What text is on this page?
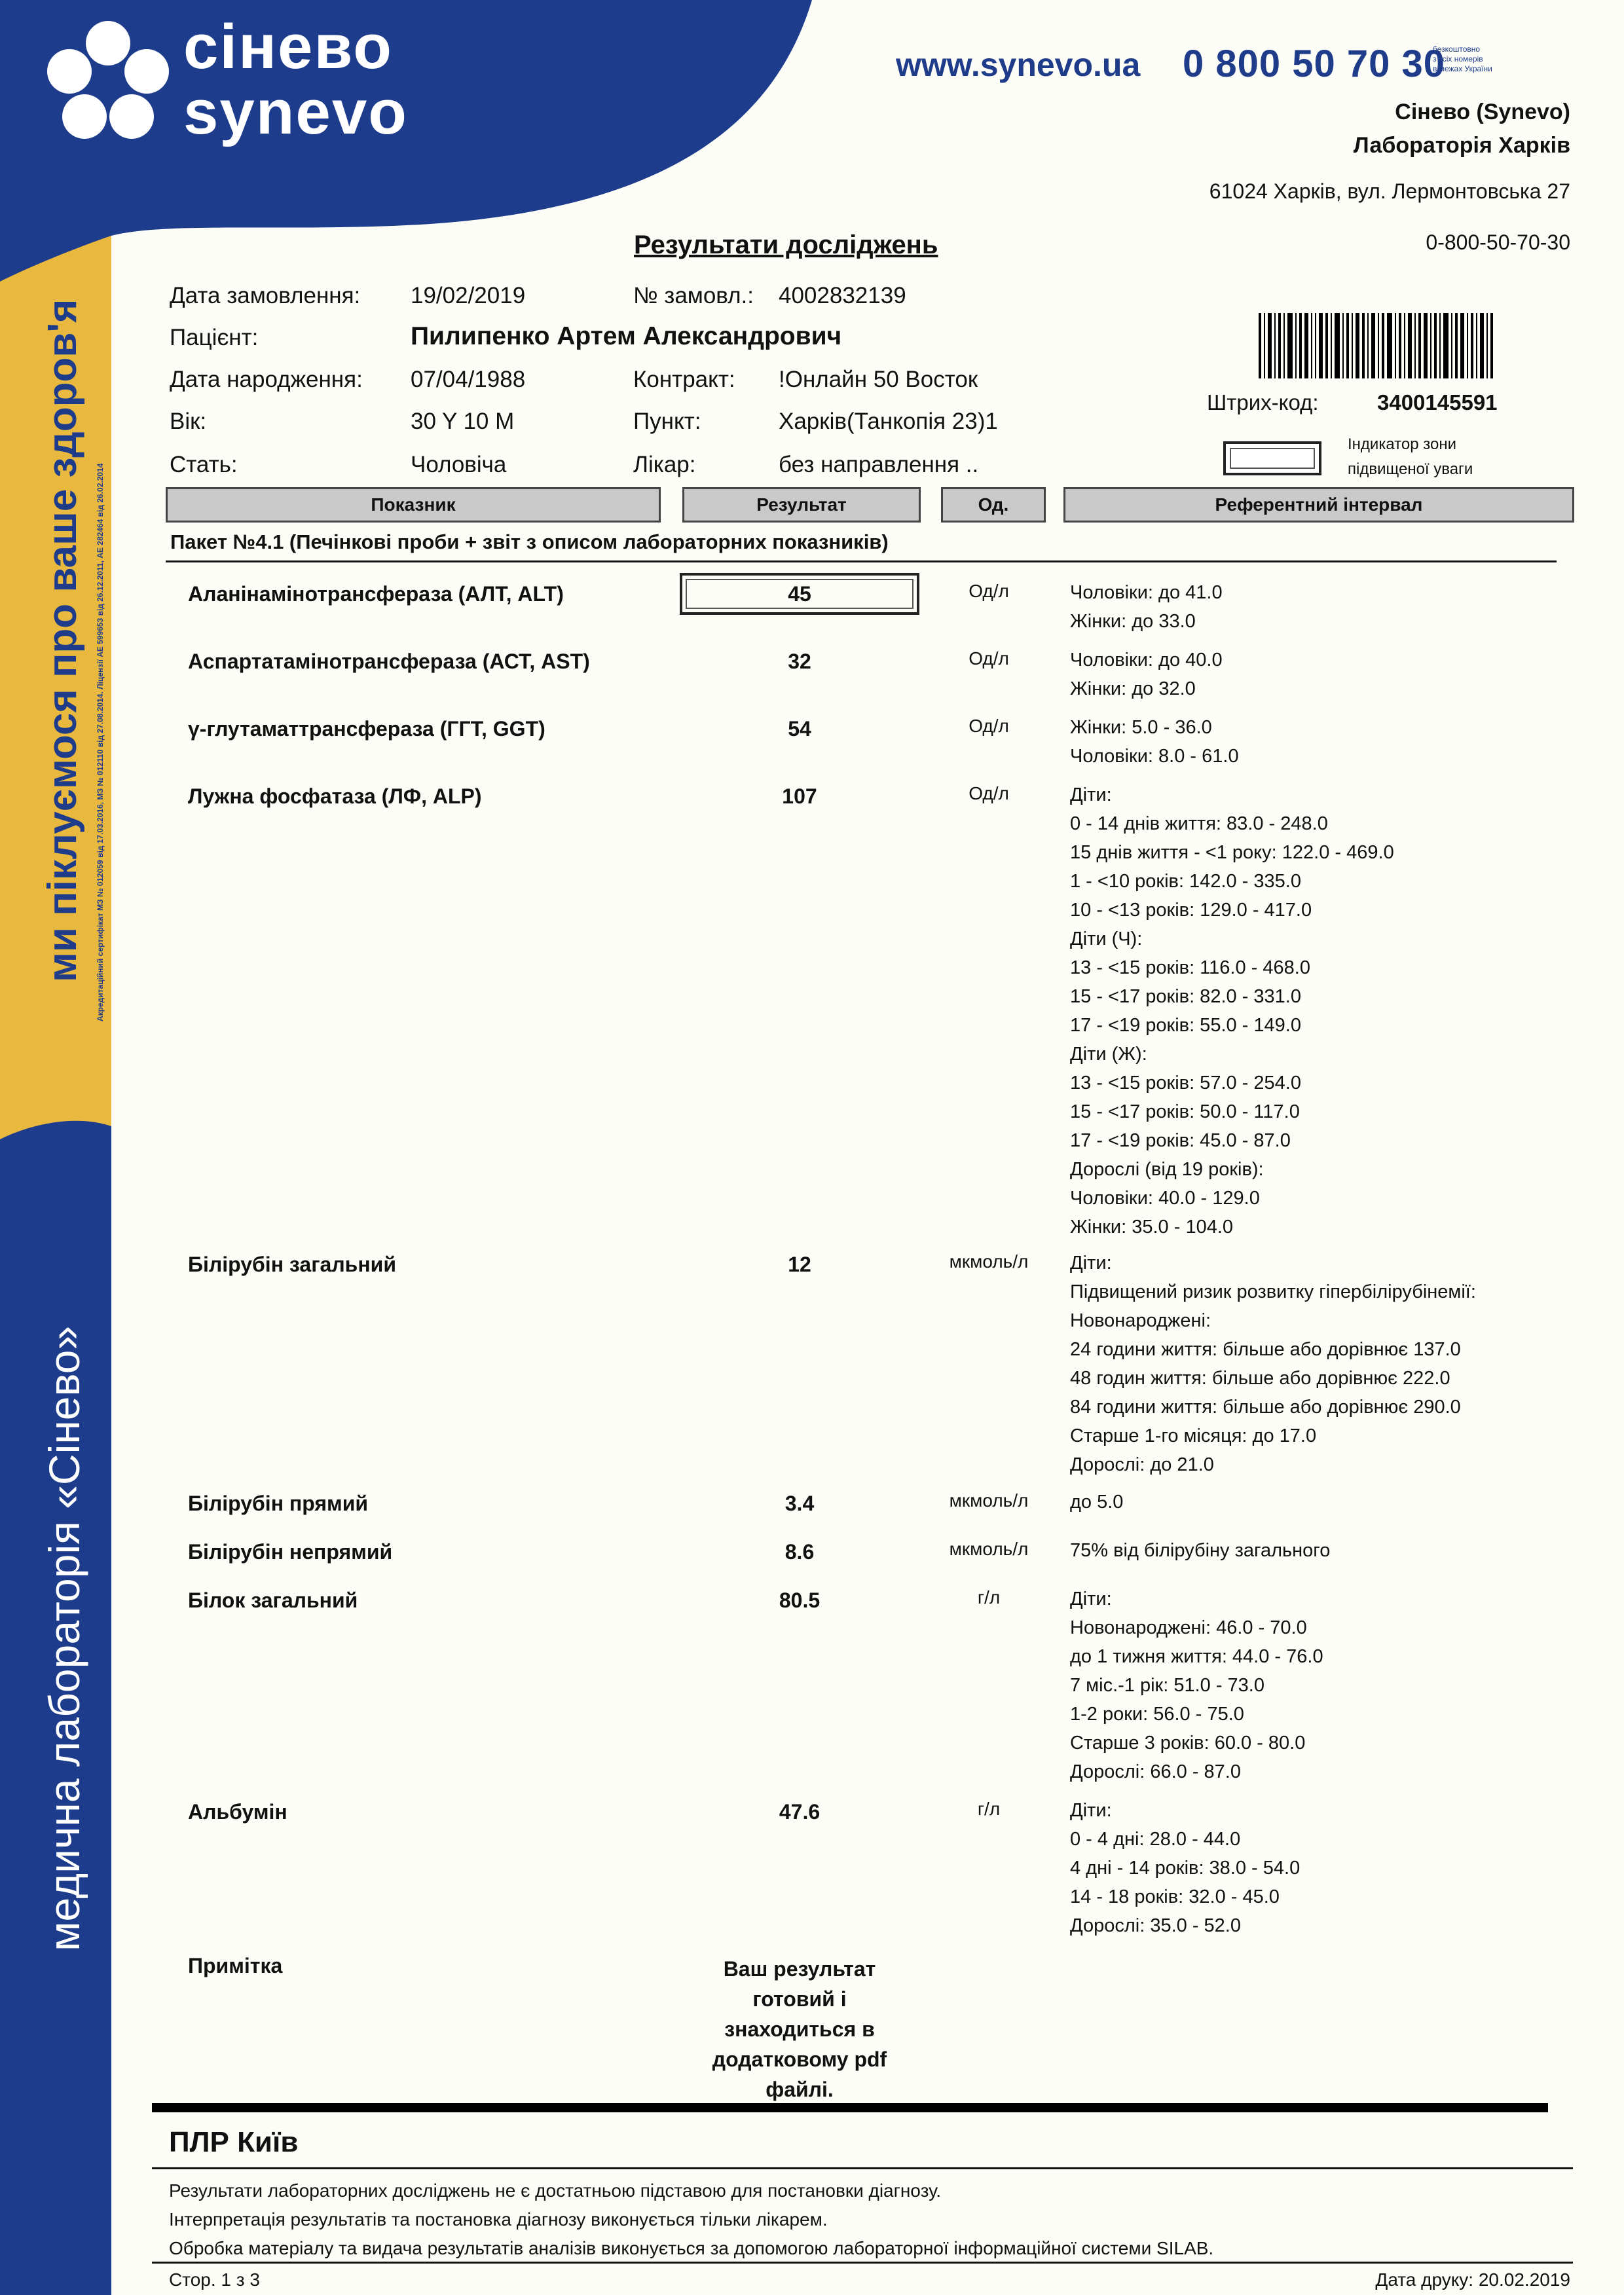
сінево
synevo
ми піклуємося про ваше здоров'я
медична лабораторія «Сінево»
Акредитаційний сертифікат МЗ № 012059 від 17.03.2016, МЗ № 012110 від 27.08.2014. Ліцензії АЕ 599653 від 26.12.2011, АЕ 282464 від 26.02.2014
www.synevo.ua 0 800 50 70 30
безкоштовно
з усіх номерів
в межах України
Сінево (Synevo)
Лабораторія Харків
61024 Харків, вул. Лермонтовська 27
0-800-50-70-30
Результати досліджень
Дата замовлення: 19/02/2019	№ замовл.: 4002832139
Пацієнт:	Пилипенко Артем Александрович
Дата народження: 07/04/1988	Контракт: !Онлайн 50 Восток
Вік:	30 Y 10 M	Пункт:	Харків(Танкопія 23)1
Стать:	Чоловіча	Лікар:	без направлення ..
Штрих-код:	3400145591
Індикатор зони
підвищеної уваги
Показник	Результат	Од.	Референтний інтервал
Пакет №4.1 (Печінкові проби + звіт з описом лабораторних показників)
Аланінамінотрансфераза (АЛТ, ALT)	45	Од/л	Чоловіки: до 41.0
Жінки: до 33.0
Аспартатамінотрансфераза (АСТ, AST)	32	Од/л	Чоловіки: до 40.0
Жінки: до 32.0
γ-глутаматтрансфераза (ГГТ, GGT)	54	Од/л	Жінки: 5.0 - 36.0
Чоловіки: 8.0 - 61.0
Лужна фосфатаза (ЛФ, ALP)	107	Од/л	Діти:
0 - 14 днів життя: 83.0 - 248.0
15 днів життя - <1 року: 122.0 - 469.0
1 - <10 років: 142.0 - 335.0
10 - <13 років: 129.0 - 417.0
Діти (Ч):
13 - <15 років: 116.0 - 468.0
15 - <17 років: 82.0 - 331.0
17 - <19 років: 55.0 - 149.0
Діти (Ж):
13 - <15 років: 57.0 - 254.0
15 - <17 років: 50.0 - 117.0
17 - <19 років: 45.0 - 87.0
Дорослі (від 19 років):
Чоловіки: 40.0 - 129.0
Жінки: 35.0 - 104.0
Білірубін загальний	12	мкмоль/л	Діти:
Підвищений ризик розвитку гіпербілірубінемії:
Новонароджені:
24 години життя: більше або дорівнює 137.0
48 годин життя: більше або дорівнює 222.0
84 години життя: більше або дорівнює 290.0
Старше 1-го місяця: до 17.0
Дорослі: до 21.0
Білірубін прямий	3.4	мкмоль/л	до 5.0
Білірубін непрямий	8.6	мкмоль/л	75% від білірубіну загального
Білок загальний	80.5	г/л	Діти:
Новонароджені: 46.0 - 70.0
до 1 тижня життя: 44.0 - 76.0
7 міс.-1 рік: 51.0 - 73.0
1-2 роки: 56.0 - 75.0
Старше 3 років: 60.0 - 80.0
Дорослі: 66.0 - 87.0
Альбумін	47.6	г/л	Діти:
0 - 4 дні: 28.0 - 44.0
4 дні - 14 років: 38.0 - 54.0
14 - 18 років: 32.0 - 45.0
Дорослі: 35.0 - 52.0
Примітка	Ваш результат
готовий і
знаходиться в
додатковому pdf
файлі.
ПЛР Київ
Результати лабораторних досліджень не є достатньою підставою для постановки діагнозу.
Інтерпретація результатів та постановка діагнозу виконується тільки лікарем.
Обробка матеріалу та видача результатів аналізів виконується за допомогою лабораторної інформаційної системи SILAB.
Стор. 1 з 3	Дата друку: 20.02.2019
